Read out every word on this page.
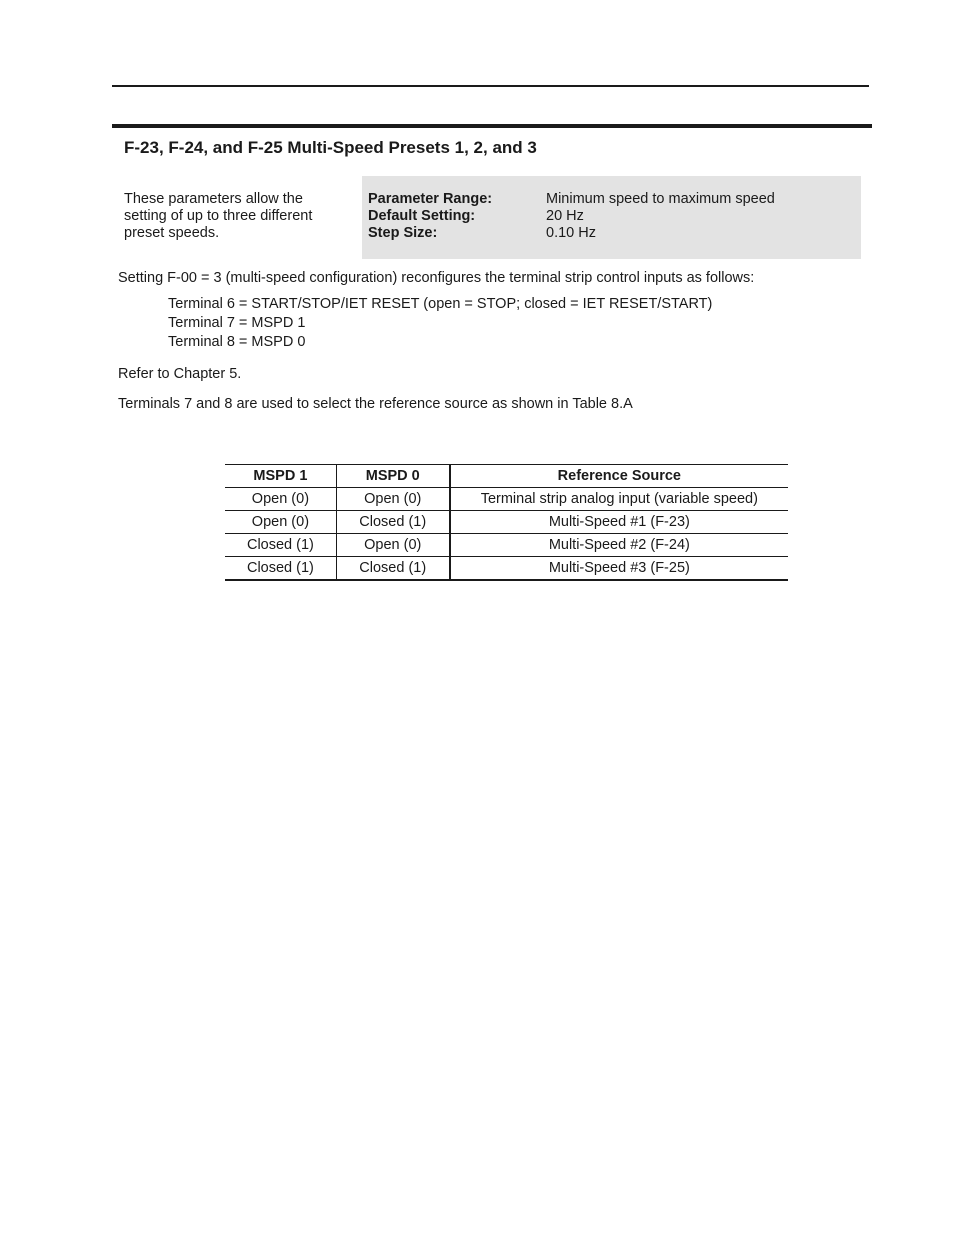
F-23, F-24, and F-25 Multi-Speed Presets 1, 2, and 3
These parameters allow the
setting of up to three different
preset speeds.
Parameter Range:	Minimum speed to maximum speed
Default Setting:	20 Hz
Step Size:	0.10 Hz
Setting F-00 = 3 (multi-speed configuration) reconfigures the terminal strip control inputs as follows:
Terminal 6 = START/STOP/IET RESET (open = STOP; closed = IET RESET/START)
Terminal 7 = MSPD 1
Terminal 8 = MSPD 0
Refer to Chapter 5.
Terminals 7 and 8 are used to select the reference source as shown in Table 8.A
MSPD 1	MSPD 0	Reference Source
Open (0)	Open (0)	Terminal strip analog input (variable speed)
Open (0)	Closed (1)	Multi-Speed #1 (F-23)
Closed (1)	Open (0)	Multi-Speed #2 (F-24)
Closed (1)	Closed (1)	Multi-Speed #3 (F-25)
